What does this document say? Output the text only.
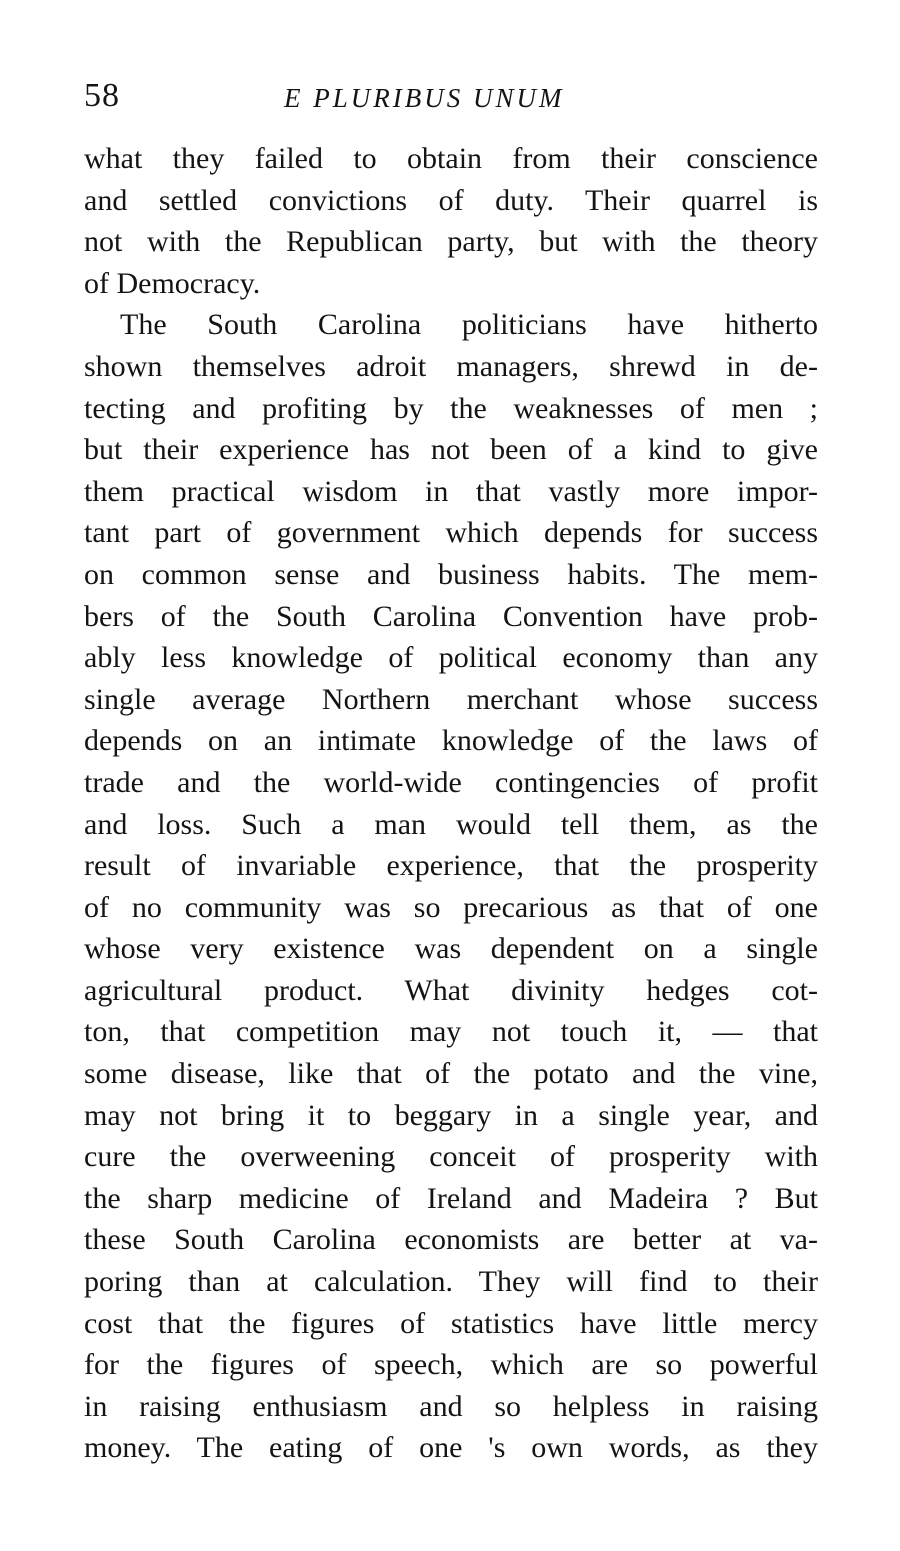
58	E PLURIBUS UNUM
what they failed to obtain from their conscience
and settled convictions of duty. Their quarrel is
not with the Republican party, but with the theory
of Democracy.
The South Carolina politicians have hitherto
shown themselves adroit managers, shrewd in de-
tecting and profiting by the weaknesses of men ;
but their experience has not been of a kind to give
them practical wisdom in that vastly more impor-
tant part of government which depends for success
on common sense and business habits. The mem-
bers of the South Carolina Convention have prob-
ably less knowledge of political economy than any
single average Northern merchant whose success
depends on an intimate knowledge of the laws of
trade and the world-wide contingencies of profit
and loss. Such a man would tell them, as the
result of invariable experience, that the prosperity
of no community was so precarious as that of one
whose very existence was dependent on a single
agricultural product. What divinity hedges cot-
ton, that competition may not touch it, — that
some disease, like that of the potato and the vine,
may not bring it to beggary in a single year, and
cure the overweening conceit of prosperity with
the sharp medicine of Ireland and Madeira ? But
these South Carolina economists are better at va-
poring than at calculation. They will find to their
cost that the figures of statistics have little mercy
for the figures of speech, which are so powerful
in raising enthusiasm and so helpless in raising
money. The eating of one 's own words, as they
